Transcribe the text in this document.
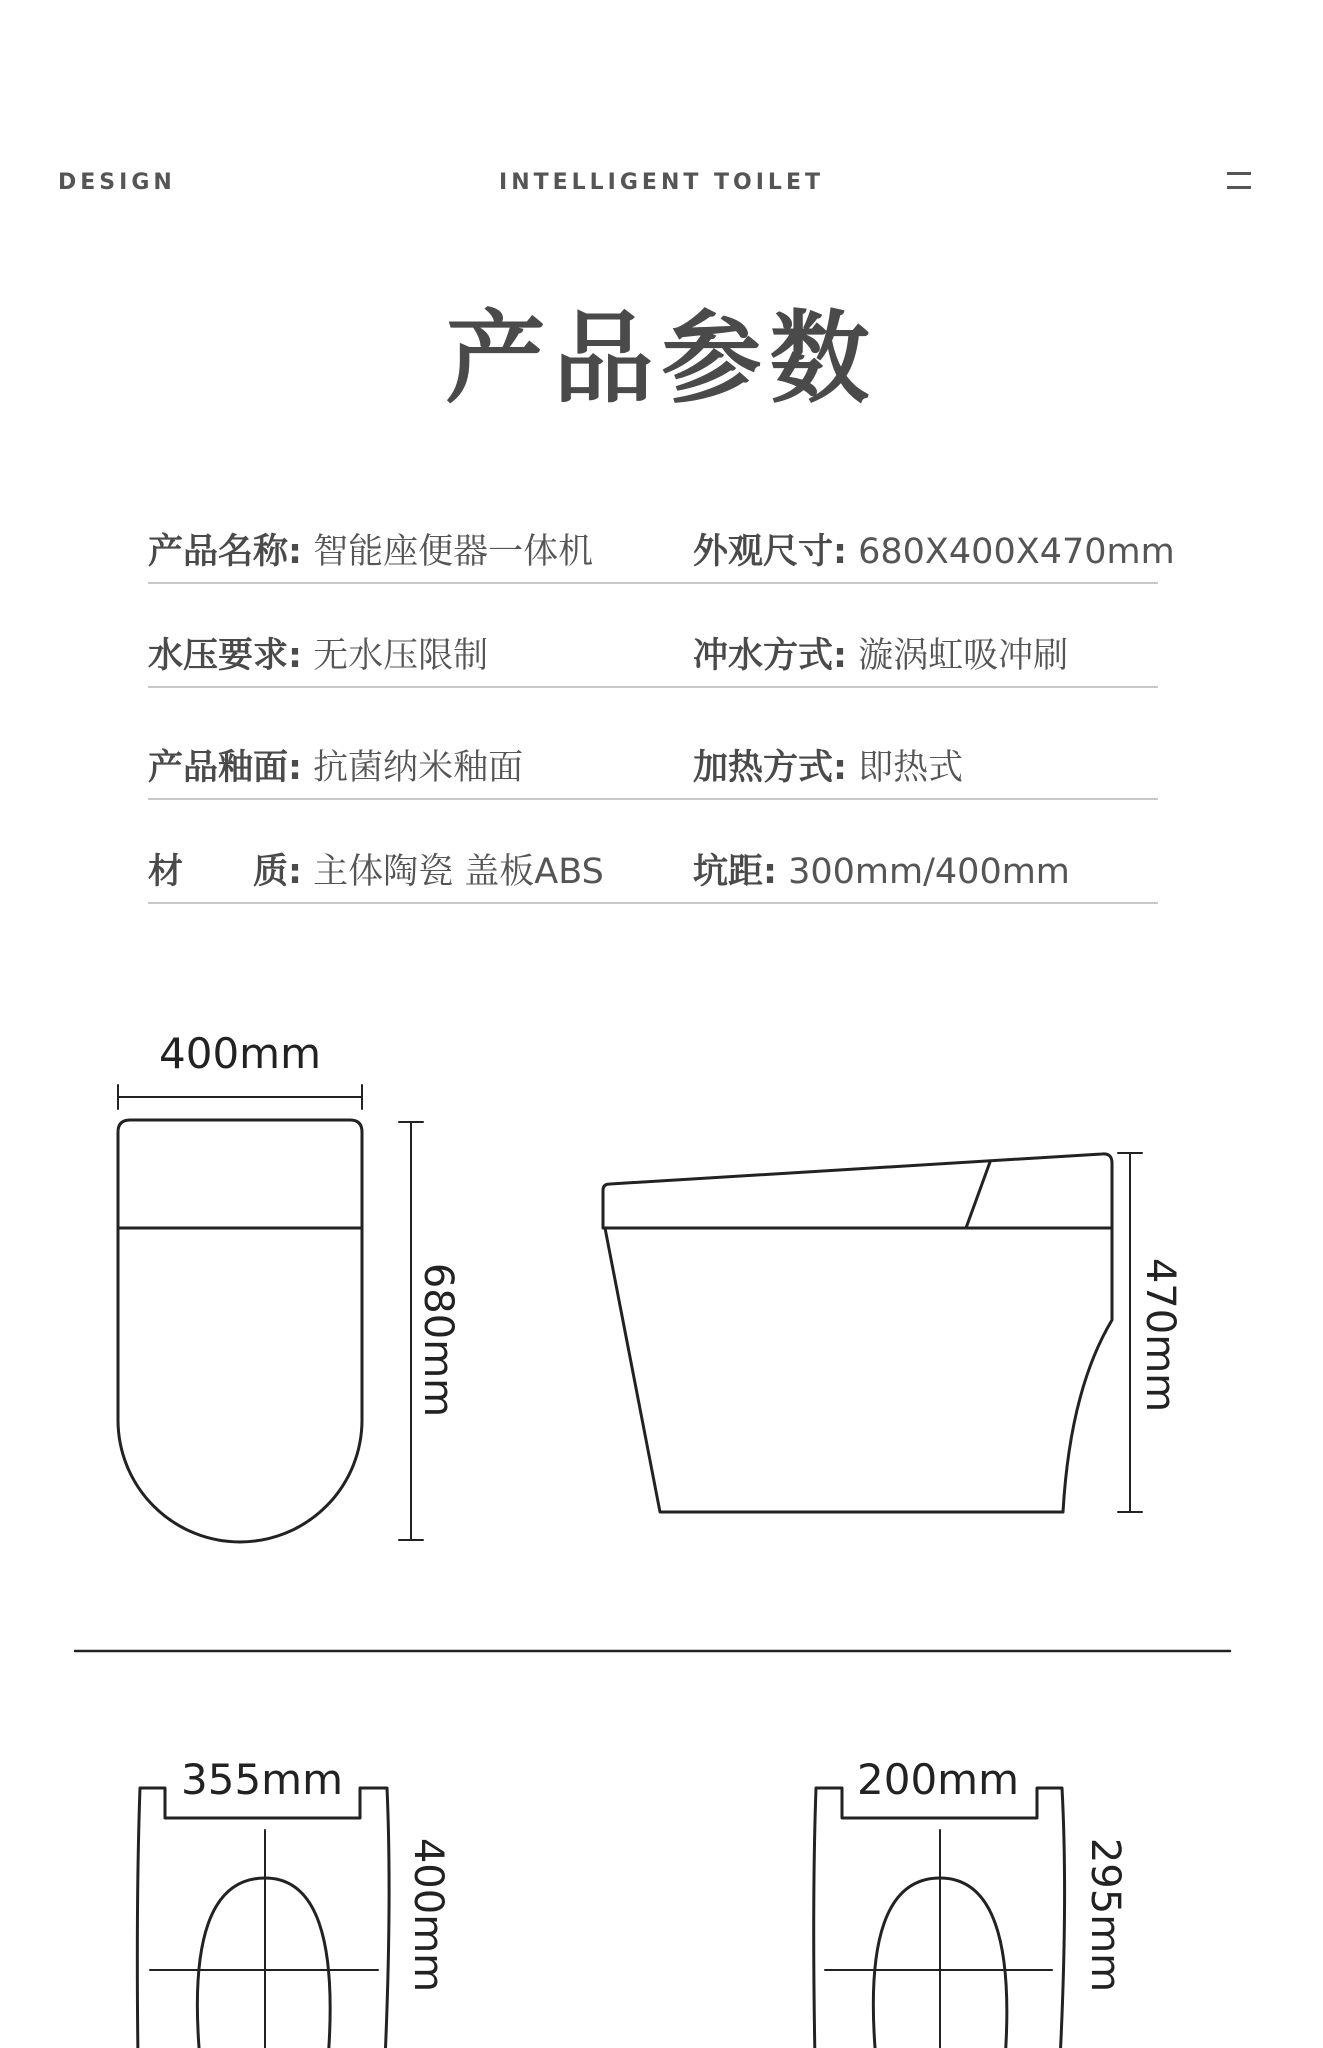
DESIGN	INTELLIGENT TOILET
产品参数
产品名称: 智能座便器一体机	外观尺寸: 680X400X470mm
水压要求: 无水压限制	冲水方式: 漩涡虹吸冲刷
产品釉面: 抗菌纳米釉面	加热方式: 即热式
材　　质: 主体陶瓷 盖板ABS	坑距: 300mm/400mm
400mm
680mm	470mm
355mm
400mm
200mm
295mm
